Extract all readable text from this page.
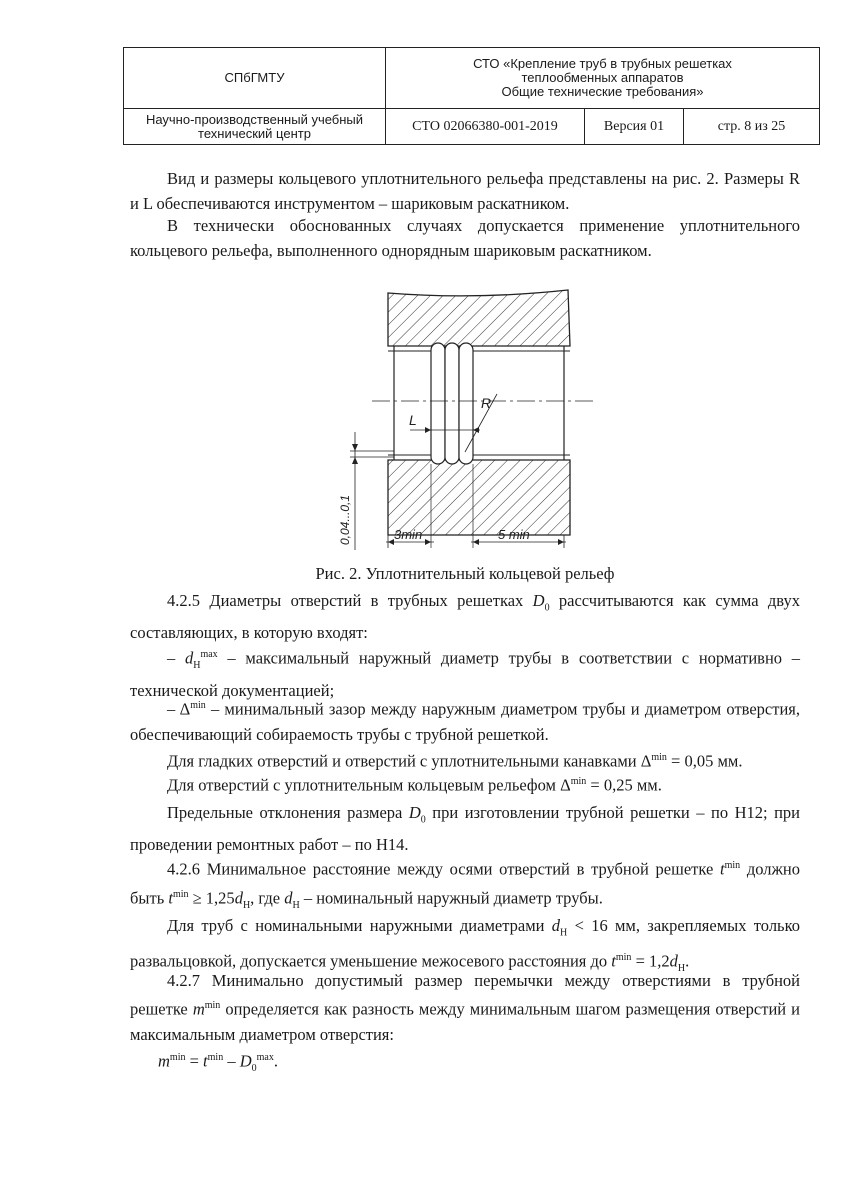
СПбГМТУ	СТО «Крепление труб в трубных решетках
теплообменных аппаратов
Общие технические требования»		

Научно-производственный учебный
технический центр	СТО 02066380-001-2019	Версия 01	стр. 8 из 25

Вид и размеры кольцевого уплотнительного рельефа представлены на рис. 2. Размеры R и L обеспечиваются инструментом – шариковым раскатником.

В технически обоснованных случаях допускается применение уплотнительного кольцевого рельефа, выполненного однорядным шариковым раскатником.

L
R
0,04...0,1	3min	5 min
Рис. 2. Уплотнительный кольцевой рельеф

4.2.5 Диаметры отверстий в трубных решетках $D_0$ рассчитываются как сумма двух составляющих, в которую входят:

– $d_Н^{max}$ – максимальный наружный диаметр трубы в соответствии с нормативно – технической документацией;

– $\Delta^{min}$ – минимальный зазор между наружным диаметром трубы и диаметром отверстия, обеспечивающий собираемость трубы с трубной решеткой.

Для гладких отверстий и отверстий с уплотнительными канавками $\Delta^{min} = 0,05$ мм.

Для отверстий с уплотнительным кольцевым рельефом $\Delta^{min} = 0,25$ мм.

Предельные отклонения размера $D_0$ при изготовлении трубной решетки – по Н12; при проведении ремонтных работ – по Н14.

4.2.6 Минимальное расстояние между осями отверстий в трубной решетке $t^{min}$ должно быть $t^{min} \ge 1,25d_Н$, где $d_Н$ – номинальный наружный диаметр трубы.

Для труб с номинальными наружными диаметрами $d_Н < 16$ мм, закрепляемых только развальцовкой, допускается уменьшение межосевого расстояния до $t^{min} = 1,2d_Н$.

4.2.7 Минимально допустимый размер перемычки между отверстиями в трубной решетке $m^{min}$ определяется как разность между минимальным шагом размещения отверстий и максимальным диаметром отверстия:

$m^{min} = t^{min} - D_0^{max}$.
